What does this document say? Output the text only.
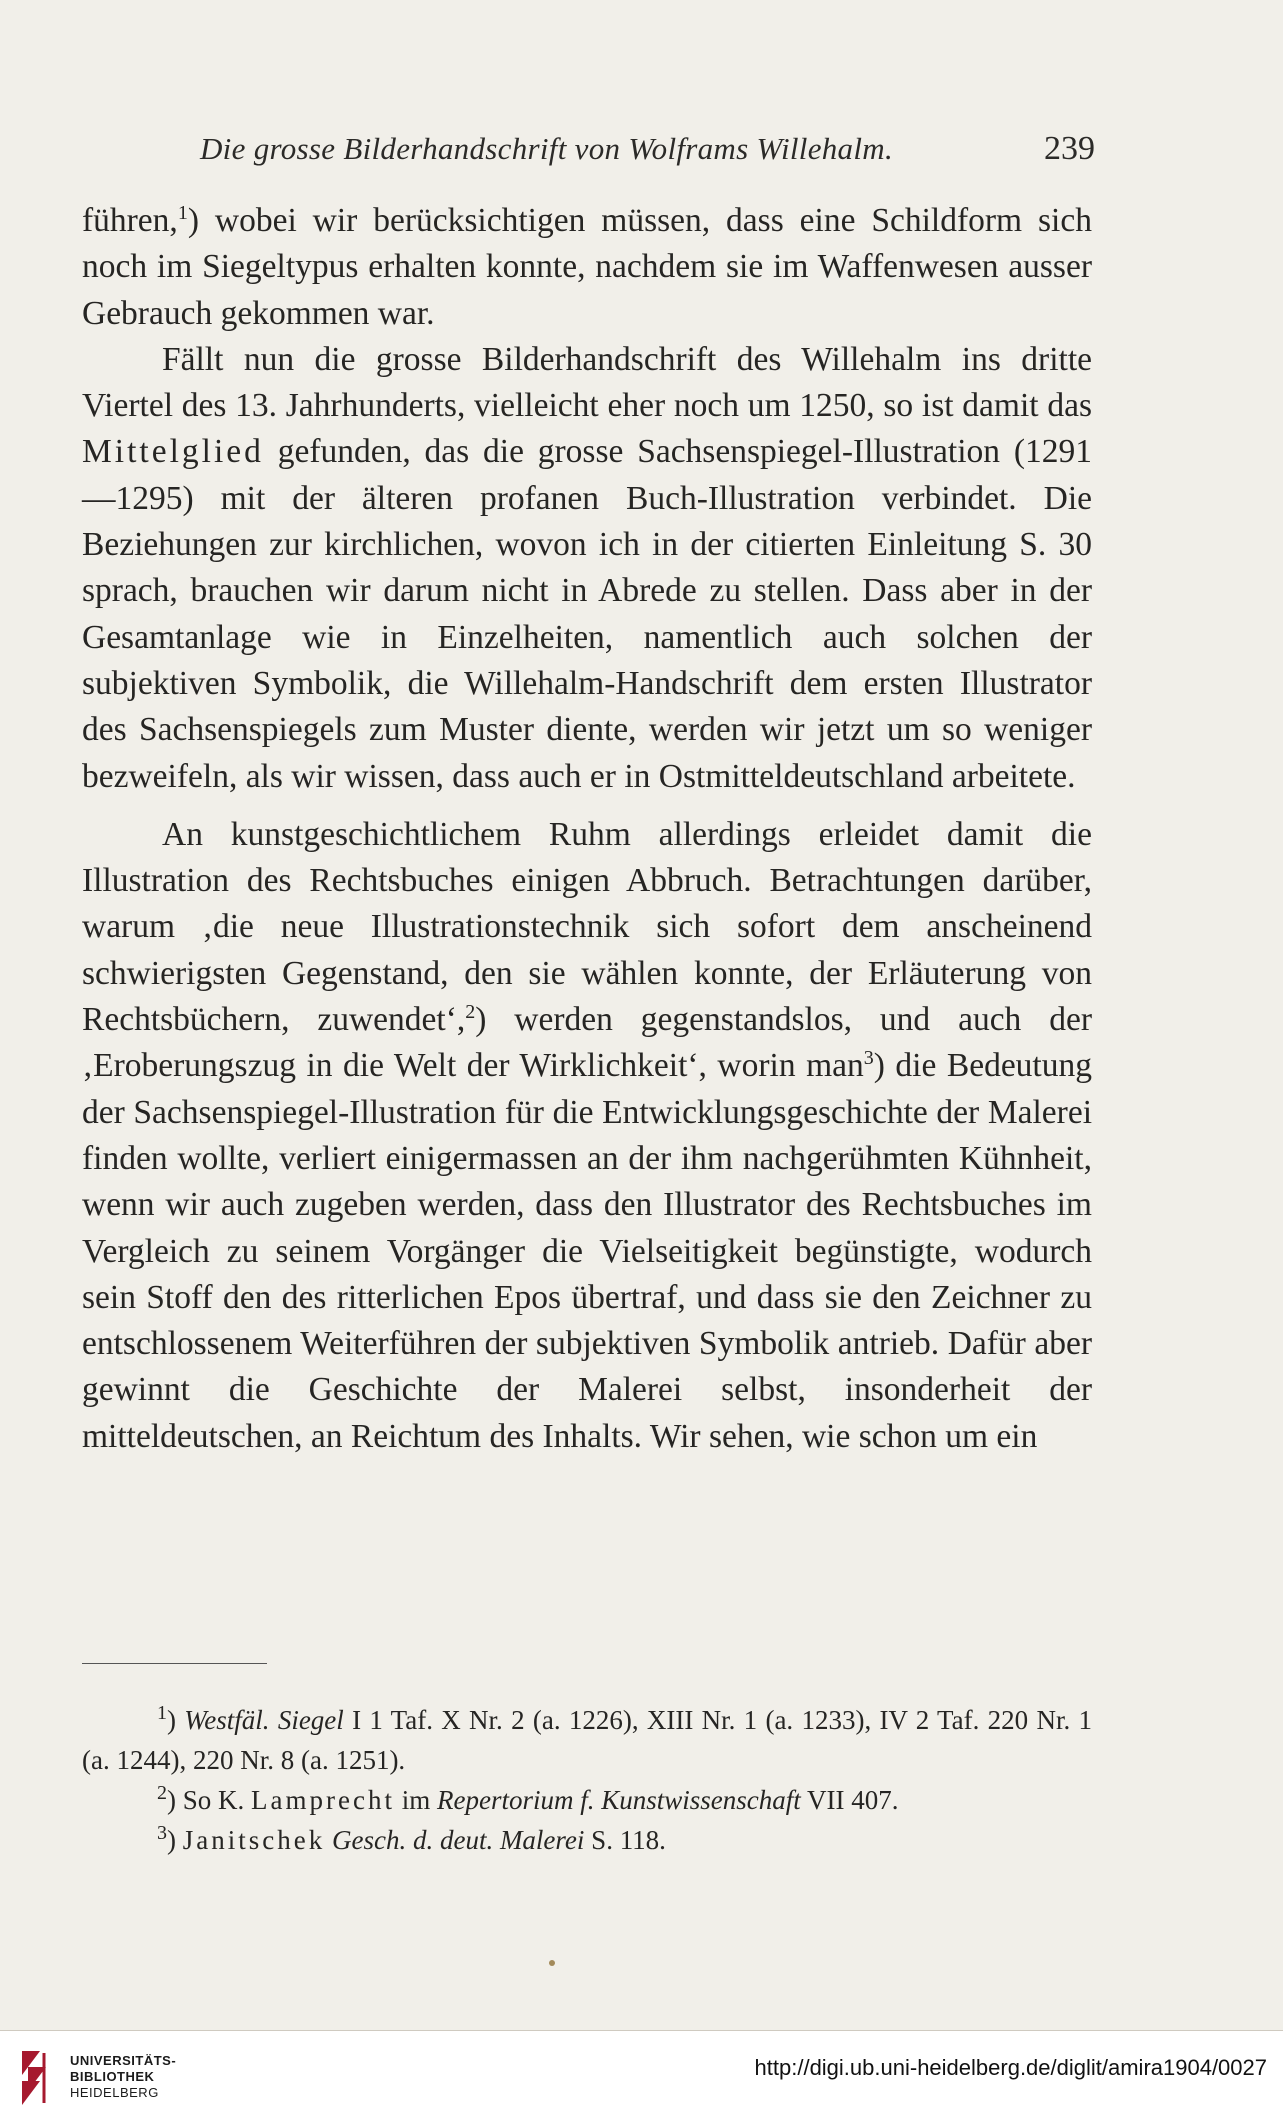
Die grosse Bilderhandschrift von Wolframs Willehalm.	239

führen,$^1$) wobei wir berücksichtigen müssen, dass eine Schildform sich noch im Siegeltypus erhalten konnte, nachdem sie im Waffenwesen ausser Gebrauch gekommen war.

Fällt nun die grosse Bilderhandschrift des Willehalm ins dritte Viertel des 13. Jahrhunderts, vielleicht eher noch um 1250, so ist damit das Mittelglied gefunden, das die grosse Sachsenspiegel-Illustration (1291—1295) mit der älteren profanen Buch-Illustration verbindet. Die Beziehungen zur kirchlichen, wovon ich in der citierten Einleitung S. 30 sprach, brauchen wir darum nicht in Abrede zu stellen. Dass aber in der Gesamtanlage wie in Einzelheiten, namentlich auch solchen der subjektiven Symbolik, die Willehalm-Handschrift dem ersten Illustrator des Sachsenspiegels zum Muster diente, werden wir jetzt um so weniger bezweifeln, als wir wissen, dass auch er in Ostmitteldeutschland arbeitete.

An kunstgeschichtlichem Ruhm allerdings erleidet damit die Illustration des Rechtsbuches einigen Abbruch. Betrachtungen darüber, warum ‚die neue Illustrationstechnik sich sofort dem anscheinend schwierigsten Gegenstand, den sie wählen konnte, der Erläuterung von Rechtsbüchern, zuwendet‘,$^2$) werden gegenstandslos, und auch der ‚Eroberungszug in die Welt der Wirklichkeit‘, worin man$^3$) die Bedeutung der Sachsenspiegel-Illustration für die Entwicklungsgeschichte der Malerei finden wollte, verliert einigermassen an der ihm nachgerühmten Kühnheit, wenn wir auch zugeben werden, dass den Illustrator des Rechtsbuches im Vergleich zu seinem Vorgänger die Vielseitigkeit begünstigte, wodurch sein Stoff den des ritterlichen Epos übertraf, und dass sie den Zeichner zu entschlossenem Weiterführen der subjektiven Symbolik antrieb. Dafür aber gewinnt die Geschichte der Malerei selbst, insonderheit der mitteldeutschen, an Reichtum des Inhalts. Wir sehen, wie schon um ein

$^1$) Westfäl. Siegel I 1 Taf. X Nr. 2 (a. 1226), XIII Nr. 1 (a. 1233), IV 2 Taf. 220 Nr. 1 (a. 1244), 220 Nr. 8 (a. 1251).

$^2$) So K. Lamprecht im Repertorium f. Kunstwissenschaft VII 407.

$^3$) Janitschek Gesch. d. deut. Malerei S. 118.

UNIVERSITÄTS-
BIBLIOTHEK
HEIDELBERG
http://digi.ub.uni-heidelberg.de/diglit/amira1904/0027
